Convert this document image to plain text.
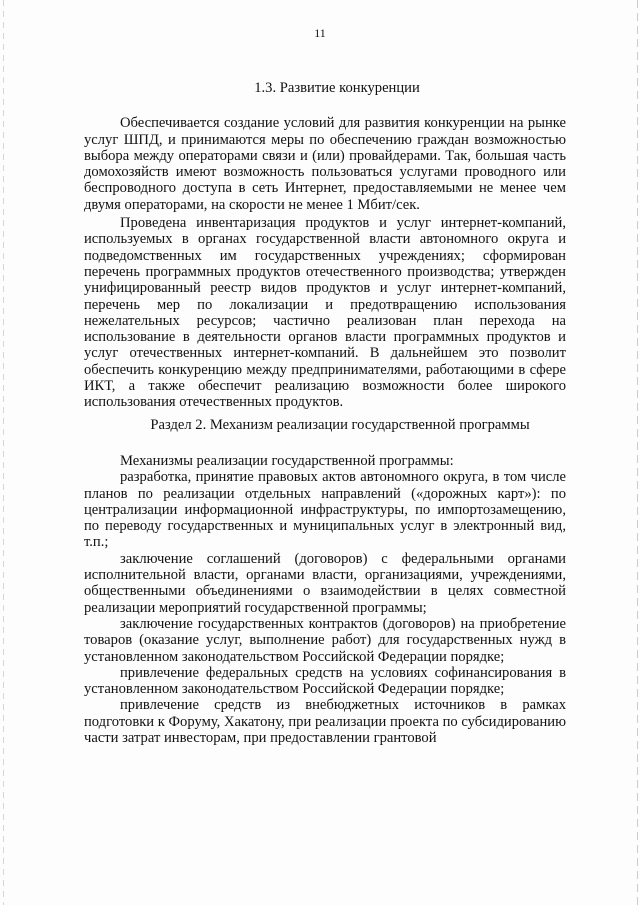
11
1.3. Развитие конкуренции

Обеспечивается создание условий для развития конкуренции на рынке услуг ШПД, и принимаются меры по обеспечению граждан возможностью выбора между операторами связи и (или) провайдерами. Так, большая часть домохозяйств имеют возможность пользоваться услугами проводного или беспроводного доступа в сеть Интернет, предоставляемыми не менее чем двумя операторами, на скорости не менее 1 Мбит/сек.

Проведена инвентаризация продуктов и услуг интернет-компаний, используемых в органах государственной власти автономного округа и подведомственных им государственных учреждениях; сформирован перечень программных продуктов отечественного производства; утвержден унифицированный реестр видов продуктов и услуг интернет-компаний, перечень мер по локализации и предотвращению использования нежелательных ресурсов; частично реализован план перехода на использование в деятельности органов власти программных продуктов и услуг отечественных интернет-компаний. В дальнейшем это позволит обеспечить конкуренцию между предпринимателями, работающими в сфере ИКТ, а также обеспечит реализацию возможности более широкого использования отечественных продуктов.

Раздел 2. Механизм реализации государственной программы

Механизмы реализации государственной программы:

разработка, принятие правовых актов автономного округа, в том числе планов по реализации отдельных направлений («дорожных карт»): по централизации информационной инфраструктуры, по импортозамещению, по переводу государственных и муниципальных услуг в электронный вид, т.п.;

заключение соглашений (договоров) с федеральными органами исполнительной власти, органами власти, организациями, учреждениями, общественными объединениями о взаимодействии в целях совместной реализации мероприятий государственной программы;

заключение государственных контрактов (договоров) на приобретение товаров (оказание услуг, выполнение работ) для государственных нужд в установленном законодательством Российской Федерации порядке;

привлечение федеральных средств на условиях софинансирования в установленном законодательством Российской Федерации порядке;

привлечение средств из внебюджетных источников в рамках подготовки к Форуму, Хакатону, при реализации проекта по субсидированию части затрат инвесторам, при предоставлении грантовой
